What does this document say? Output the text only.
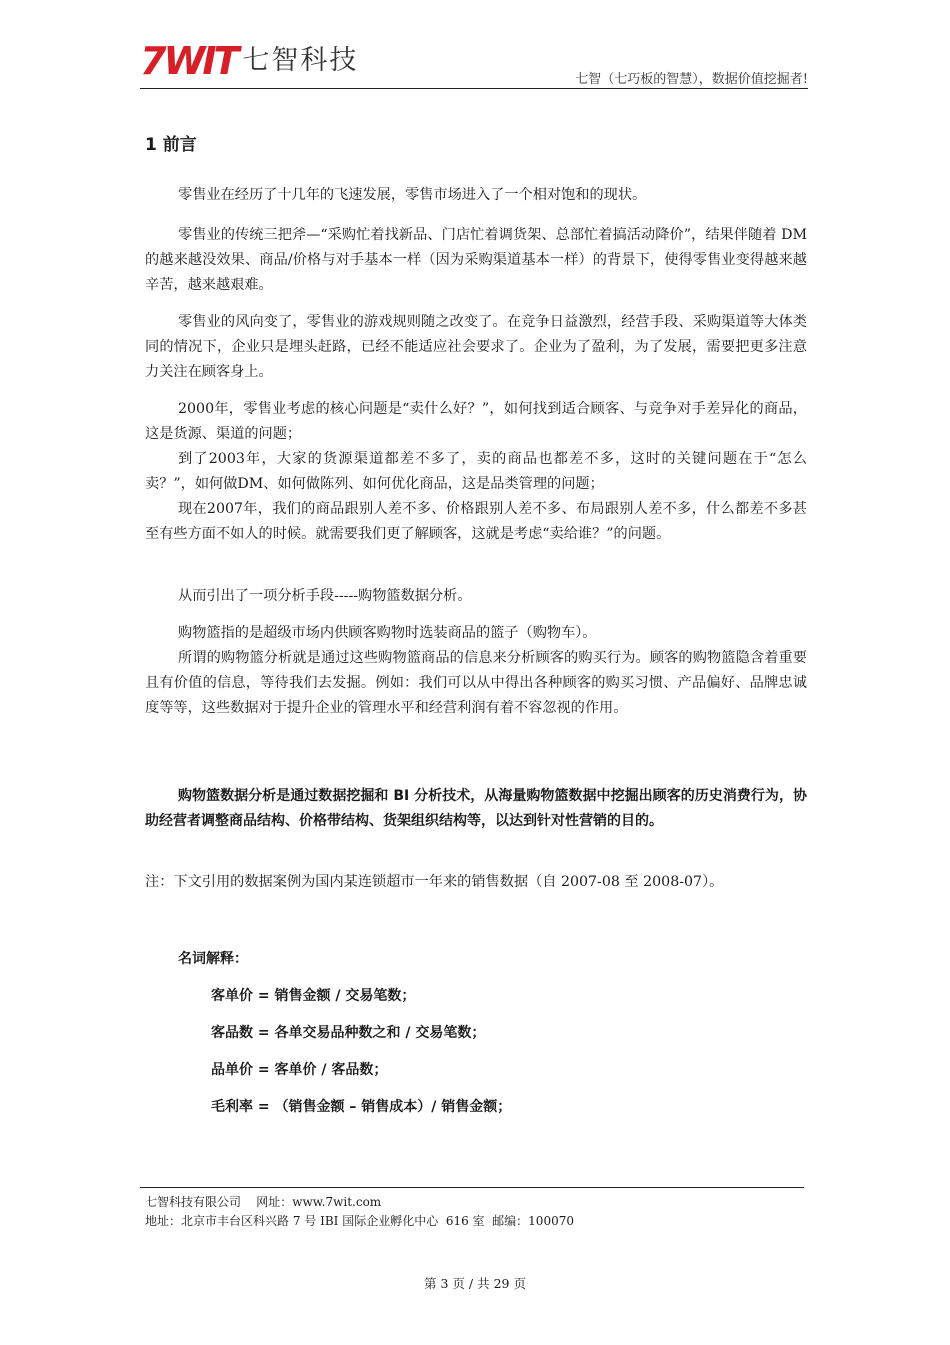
7WIT 七智科技
七智（七巧板的智慧），数据价值挖掘者!
1 前言

零售业在经历了十几年的飞速发展，零售市场进入了一个相对饱和的现状。

零售业的传统三把斧—“采购忙着找新品、门店忙着调货架、总部忙着搞活动降价”，结果伴随着 DM 的越来越没效果、商品/价格与对手基本一样（因为采购渠道基本一样）的背景下，使得零售业变得越来越辛苦，越来越艰难。

零售业的风向变了，零售业的游戏规则随之改变了。在竞争日益激烈，经营手段、采购渠道等大体类同的情况下，企业只是埋头赶路，已经不能适应社会要求了。企业为了盈利，为了发展，需要把更多注意力关注在顾客身上。

2000年，零售业考虑的核心问题是“卖什么好？”，如何找到适合顾客、与竞争对手差异化的商品，这是货源、渠道的问题；

到了2003年，大家的货源渠道都差不多了，卖的商品也都差不多，这时的关键问题在于“怎么卖？”，如何做DM、如何做陈列、如何优化商品，这是品类管理的问题；

现在2007年，我们的商品跟别人差不多、价格跟别人差不多、布局跟别人差不多，什么都差不多甚至有些方面不如人的时候。就需要我们更了解顾客，这就是考虑“卖给谁？”的问题。

从而引出了一项分析手段-----购物篮数据分析。

购物篮指的是超级市场内供顾客购物时选装商品的篮子（购物车）。

所谓的购物篮分析就是通过这些购物篮商品的信息来分析顾客的购买行为。顾客的购物篮隐含着重要且有价值的信息，等待我们去发掘。例如：我们可以从中得出各种顾客的购买习惯、产品偏好、品牌忠诚度等等，这些数据对于提升企业的管理水平和经营利润有着不容忽视的作用。

购物篮数据分析是通过数据挖掘和 BI 分析技术，从海量购物篮数据中挖掘出顾客的历史消费行为，协助经营者调整商品结构、价格带结构、货架组织结构等，以达到针对性营销的目的。

注：下文引用的数据案例为国内某连锁超市一年来的销售数据（自 2007-08 至 2008-07）。

名词解释：
客单价 = 销售金额 / 交易笔数；
客品数 = 各单交易品种数之和 / 交易笔数；
品单价 = 客单价 / 客品数；
毛利率 = （销售金额 – 销售成本）/ 销售金额；
七智科技有限公司    网址：www.7wit.com
地址：北京市丰台区科兴路 7 号 IBI 国际企业孵化中心  616 室  邮编：100070
第 3 页 / 共 29 页
